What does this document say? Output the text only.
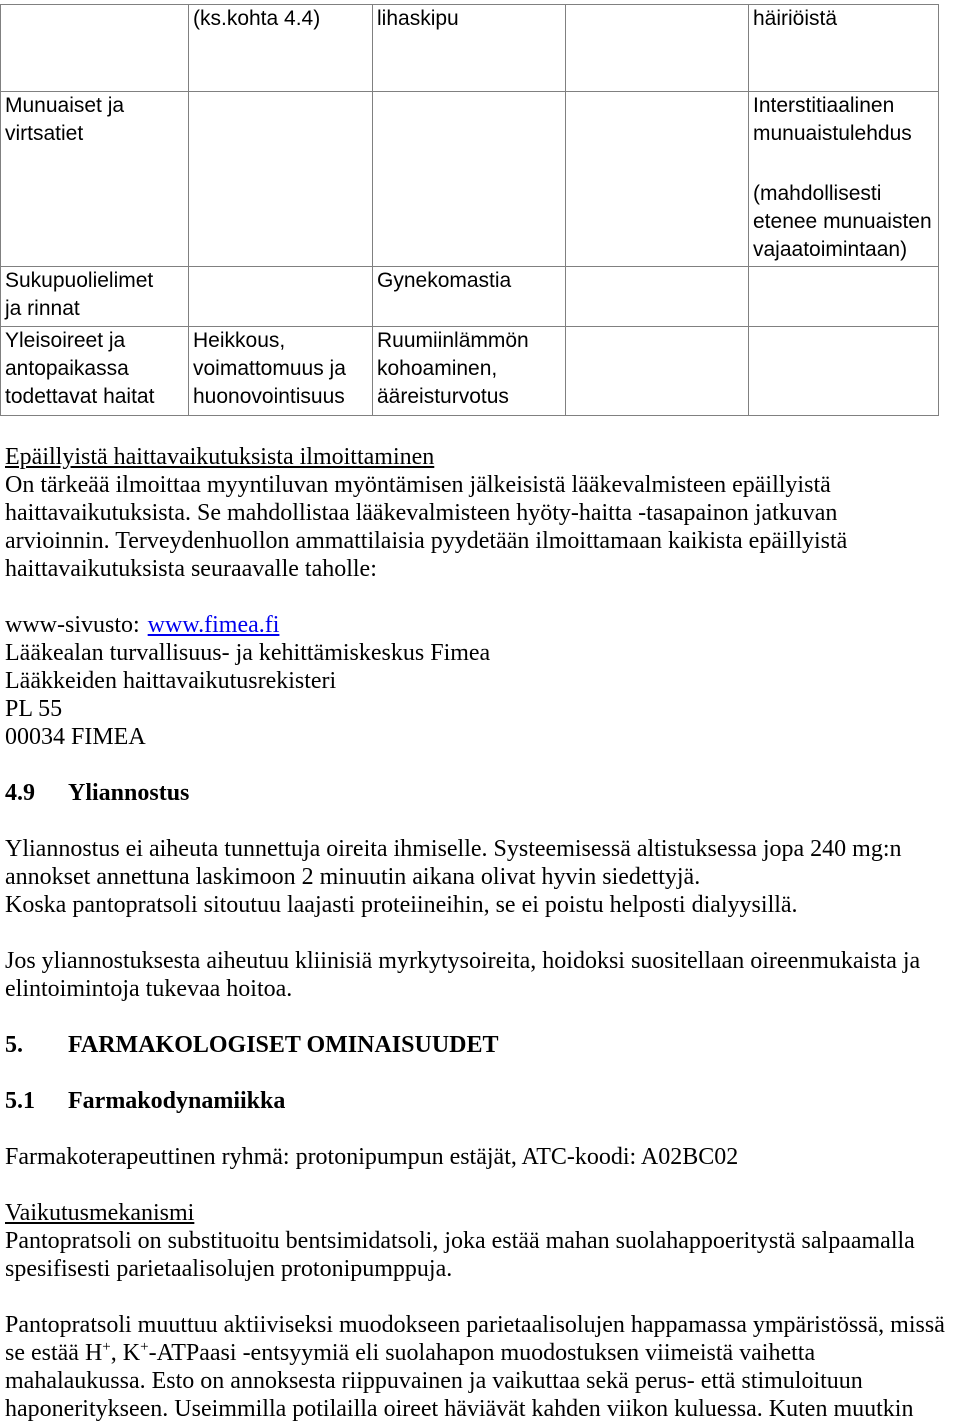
(ks.kohta 4.4)	lihaskipu	häiriöistä
Munuaiset ja
virtsatiet
Interstitiaalinen
munuaistulehdus
(mahdollisesti
etenee munuaisten
vajaatoimintaan)
Sukupuolielimet
ja rinnat
Gynekomastia
Yleisoireet ja
antopaikassa
todettavat haitat
Heikkous,
voimattomuus ja
huonovointisuus
Ruumiinlämmön
kohoaminen,
ääreisturvotus
Epäillyistä haittavaikutuksista ilmoittaminen
On tärkeää ilmoittaa myyntiluvan myöntämisen jälkeisistä lääkevalmisteen epäillyistä
haittavaikutuksista. Se mahdollistaa lääkevalmisteen hyöty-haitta -tasapainon jatkuvan
arvioinnin. Terveydenhuollon ammattilaisia pyydetään ilmoittamaan kaikista epäillyistä
haittavaikutuksista seuraavalle taholle:
www-sivusto: www.fimea.fi
Lääkealan turvallisuus- ja kehittämiskeskus Fimea
Lääkkeiden haittavaikutusrekisteri
PL 55
00034 FIMEA
4.9 Yliannostus
Yliannostus ei aiheuta tunnettuja oireita ihmiselle. Systeemisessä altistuksessa jopa 240 mg:n
annokset annettuna laskimoon 2 minuutin aikana olivat hyvin siedettyjä.
Koska pantopratsoli sitoutuu laajasti proteiineihin, se ei poistu helposti dialyysillä.
Jos yliannostuksesta aiheutuu kliinisiä myrkytysoireita, hoidoksi suositellaan oireenmukaista ja
elintoimintoja tukevaa hoitoa.
5. FARMAKOLOGISET OMINAISUUDET
5.1 Farmakodynamiikka
Farmakoterapeuttinen ryhmä: protonipumpun estäjät, ATC-koodi: A02BC02
Vaikutusmekanismi
Pantopratsoli on substituoitu bentsimidatsoli, joka estää mahan suolahappoeritystä salpaamalla
spesifisesti parietaalisolujen protonipumppuja.
Pantopratsoli muuttuu aktiiviseksi muodokseen parietaalisolujen happamassa ympäristössä, missä
se estää H+, K+-ATPaasi -entsyymiä eli suolahapon muodostuksen viimeistä vaihetta
mahalaukussa. Esto on annoksesta riippuvainen ja vaikuttaa sekä perus- että stimuloituun
haponeritykseen. Useimmilla potilailla oireet häviävät kahden viikon kuluessa. Kuten muutkin
